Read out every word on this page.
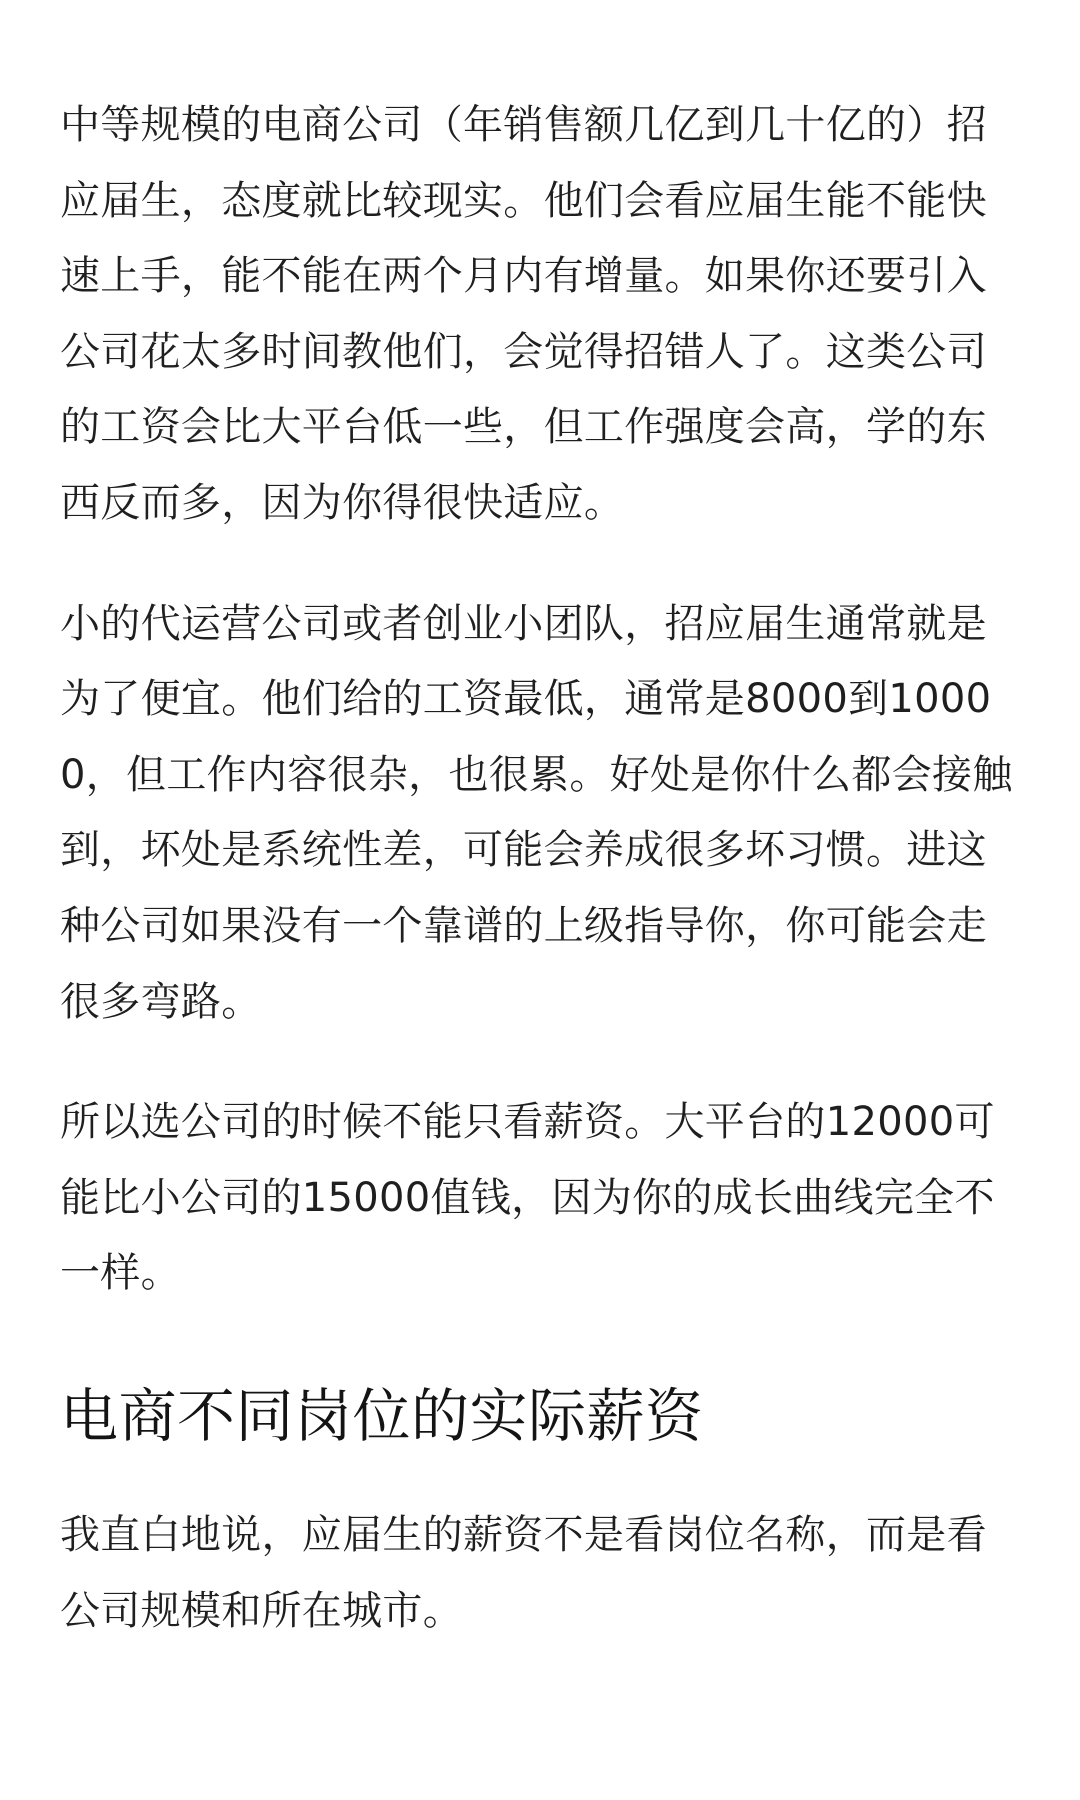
中等规模的电商公司（年销售额几亿到几十亿的）招应届生，态度就比较现实。他们会看应届生能不能快速上手，能不能在两个月内有增量。如果你还要引入公司花太多时间教他们，会觉得招错人了。这类公司的工资会比大平台低一些，但工作强度会高，学的东西反而多，因为你得很快适应。

小的代运营公司或者创业小团队，招应届生通常就是为了便宜。他们给的工资最低，通常是8000到10000，但工作内容很杂，也很累。好处是你什么都会接触到，坏处是系统性差，可能会养成很多坏习惯。进这种公司如果没有一个靠谱的上级指导你，你可能会走很多弯路。

所以选公司的时候不能只看薪资。大平台的12000可能比小公司的15000值钱，因为你的成长曲线完全不一样。

电商不同岗位的实际薪资

我直白地说，应届生的薪资不是看岗位名称，而是看公司规模和所在城市。
